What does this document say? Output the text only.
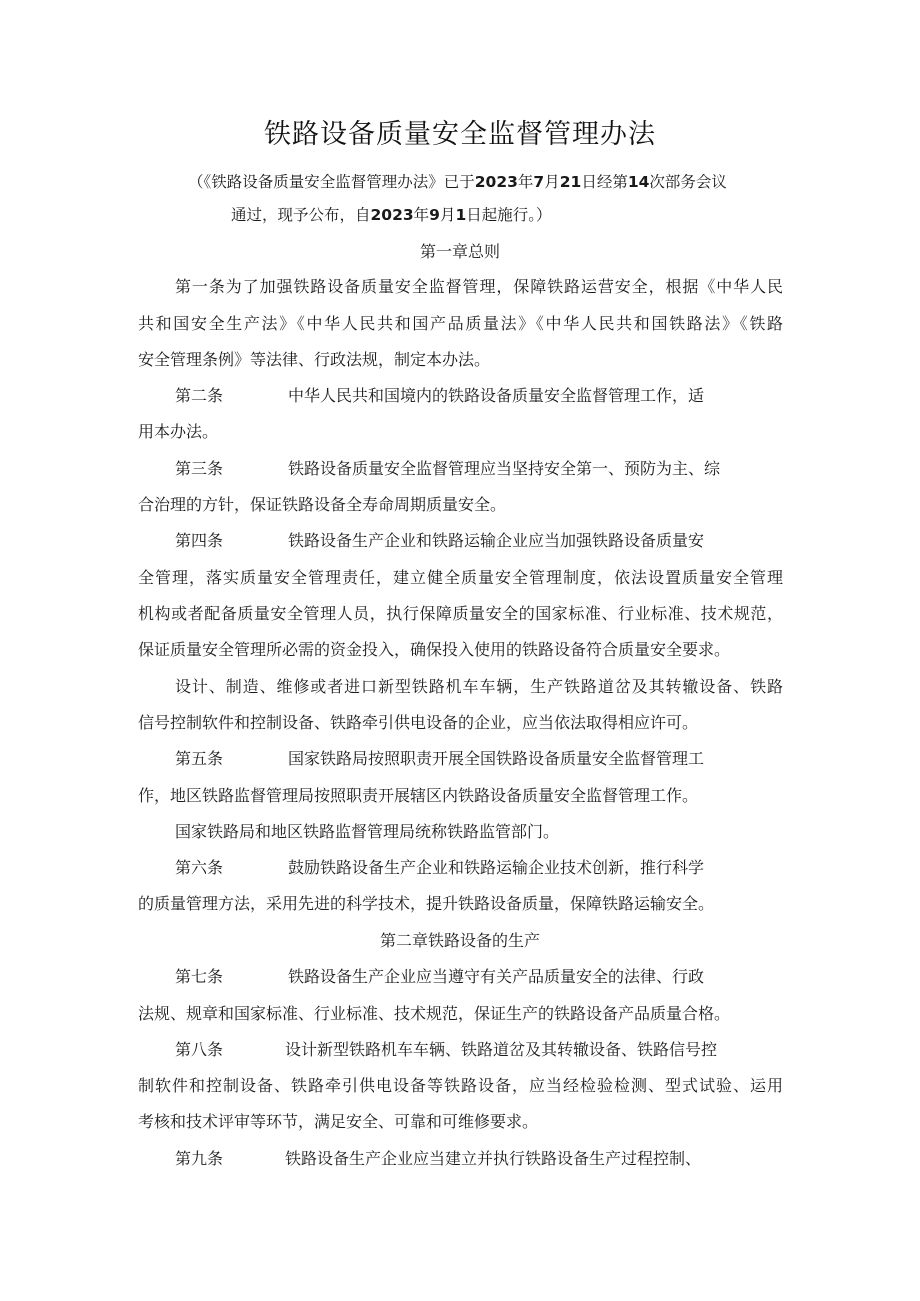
铁路设备质量安全监督管理办法
（《铁路设备质量安全监督管理办法》已于2023年7月21日经第14次部务会议
通过，现予公布，自2023年9月1日起施行。）
第一章总则
第一条为了加强铁路设备质量安全监督管理，保障铁路运营安全，根据《中华人民
共和国安全生产法》《中华人民共和国产品质量法》《中华人民共和国铁路法》《铁路
安全管理条例》等法律、行政法规，制定本办法。
第二条	中华人民共和国境内的铁路设备质量安全监督管理工作，适
用本办法。
第三条	铁路设备质量安全监督管理应当坚持安全第一、预防为主、综
合治理的方针，保证铁路设备全寿命周期质量安全。
第四条	铁路设备生产企业和铁路运输企业应当加强铁路设备质量安
全管理，落实质量安全管理责任，建立健全质量安全管理制度，依法设置质量安全管理
机构或者配备质量安全管理人员，执行保障质量安全的国家标准、行业标准、技术规范，
保证质量安全管理所必需的资金投入，确保投入使用的铁路设备符合质量安全要求。
设计、制造、维修或者进口新型铁路机车车辆，生产铁路道岔及其转辙设备、铁路
信号控制软件和控制设备、铁路牵引供电设备的企业，应当依法取得相应许可。
第五条	国家铁路局按照职责开展全国铁路设备质量安全监督管理工
作，地区铁路监督管理局按照职责开展辖区内铁路设备质量安全监督管理工作。
国家铁路局和地区铁路监督管理局统称铁路监管部门。
第六条	鼓励铁路设备生产企业和铁路运输企业技术创新，推行科学
的质量管理方法，采用先进的科学技术，提升铁路设备质量，保障铁路运输安全。
第二章铁路设备的生产
第七条	铁路设备生产企业应当遵守有关产品质量安全的法律、行政
法规、规章和国家标准、行业标准、技术规范，保证生产的铁路设备产品质量合格。
第八条	设计新型铁路机车车辆、铁路道岔及其转辙设备、铁路信号控
制软件和控制设备、铁路牵引供电设备等铁路设备，应当经检验检测、型式试验、运用
考核和技术评审等环节，满足安全、可靠和可维修要求。
第九条	铁路设备生产企业应当建立并执行铁路设备生产过程控制、
